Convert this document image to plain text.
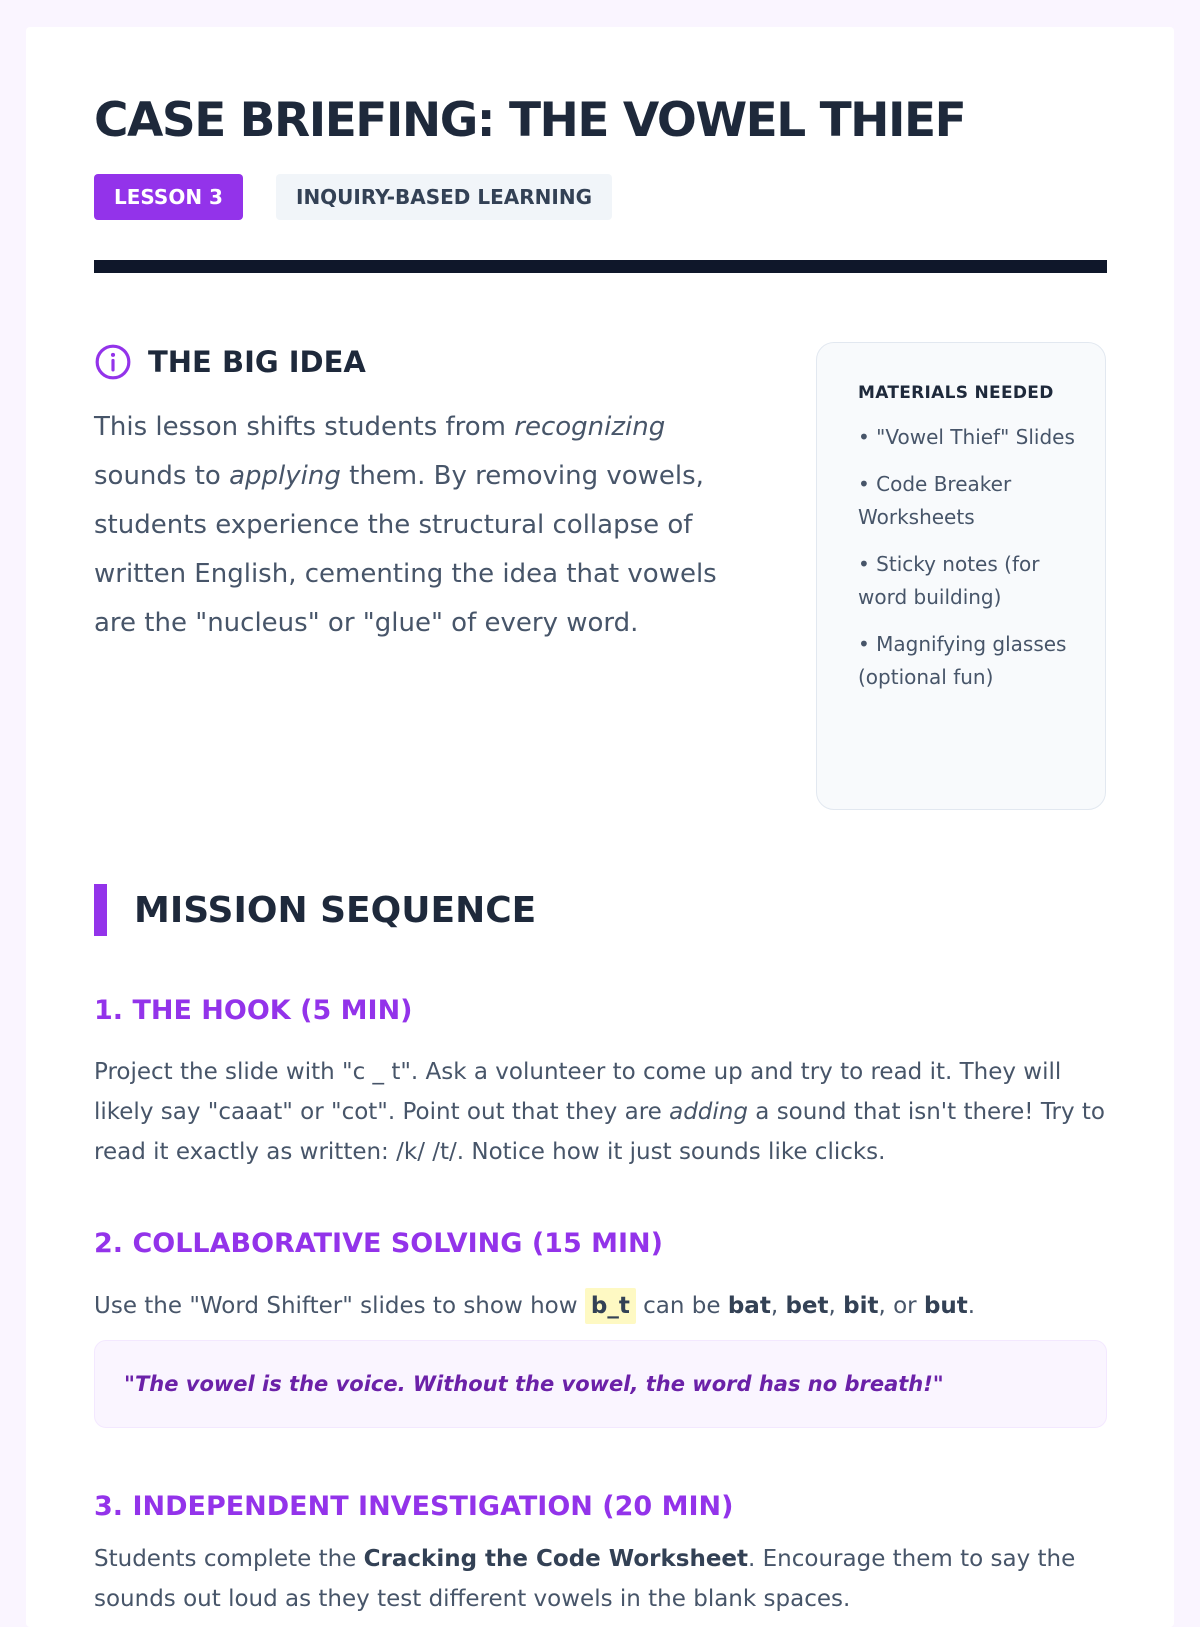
CASE BRIEFING: THE VOWEL THIEF
LESSON 3	INQUIRY-BASED LEARNING
THE BIG IDEA

This lesson shifts students from recognizing sounds to applying them. By removing vowels, students experience the structural collapse of written English, cementing the idea that vowels are the "nucleus" or "glue" of every word.

MATERIALS NEEDED
• "Vowel Thief" Slides
• Code Breaker Worksheets
• Sticky notes (for word building)
• Magnifying glasses (optional fun)
MISSION SEQUENCE
1. THE HOOK (5 MIN)

Project the slide with "c _ t". Ask a volunteer to come up and try to read it. They will likely say "caaat" or "cot". Point out that they are adding a sound that isn't there! Try to read it exactly as written: /k/ /t/. Notice how it just sounds like clicks.

2. COLLABORATIVE SOLVING (15 MIN)

Use the "Word Shifter" slides to show how b_t can be bat, bet, bit, or but.

"The vowel is the voice. Without the vowel, the word has no breath!"

3. INDEPENDENT INVESTIGATION (20 MIN)

Students complete the Cracking the Code Worksheet. Encourage them to say the sounds out loud as they test different vowels in the blank spaces.
